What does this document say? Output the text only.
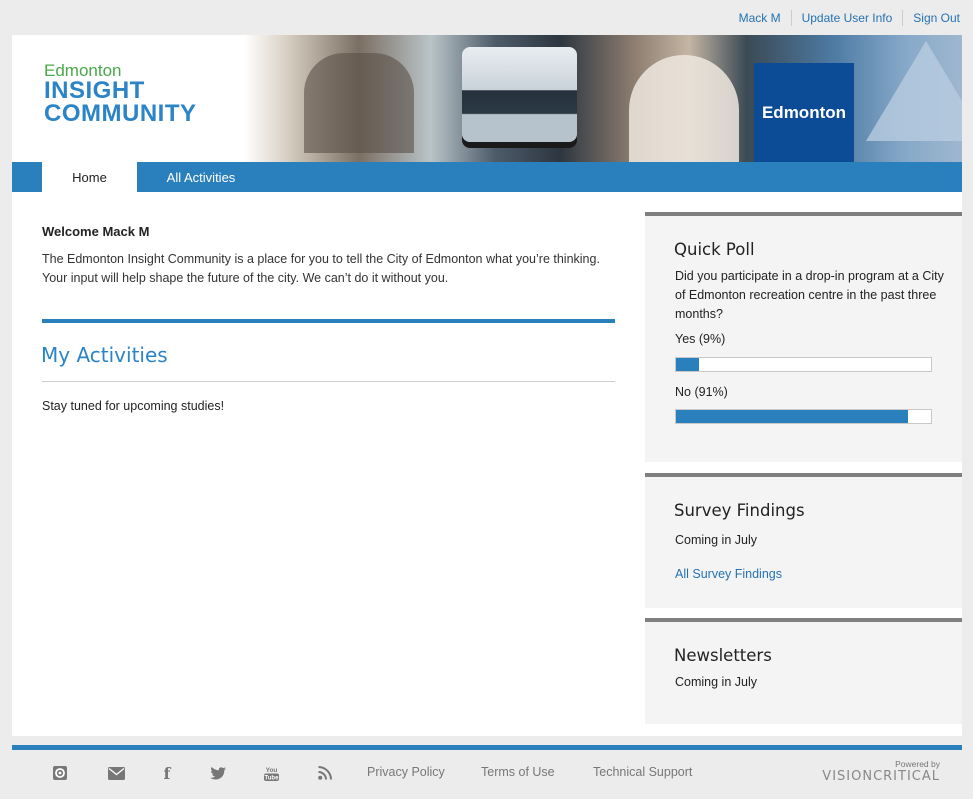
Mack M	Update User Info	Sign Out
Edmonton
INSIGHT
COMMUNITY	Edmonton
Home	All Activities
Welcome Mack M
The Edmonton Insight Community is a place for you to tell the City of Edmonton what you’re thinking. Your input will help shape the future of the city. We can’t do it without you.
My Activities
Stay tuned for upcoming studies!
Quick Poll
Did you participate in a drop-in program at a City of Edmonton recreation centre in the past three months?
Yes (9%)
No (91%)
Survey Findings
Coming in July
All Survey Findings
Newsletters
Coming in July
f	You
Tube	Privacy Policy	Terms of Use	Technical Support
Powered by
VISIONCRITICAL
